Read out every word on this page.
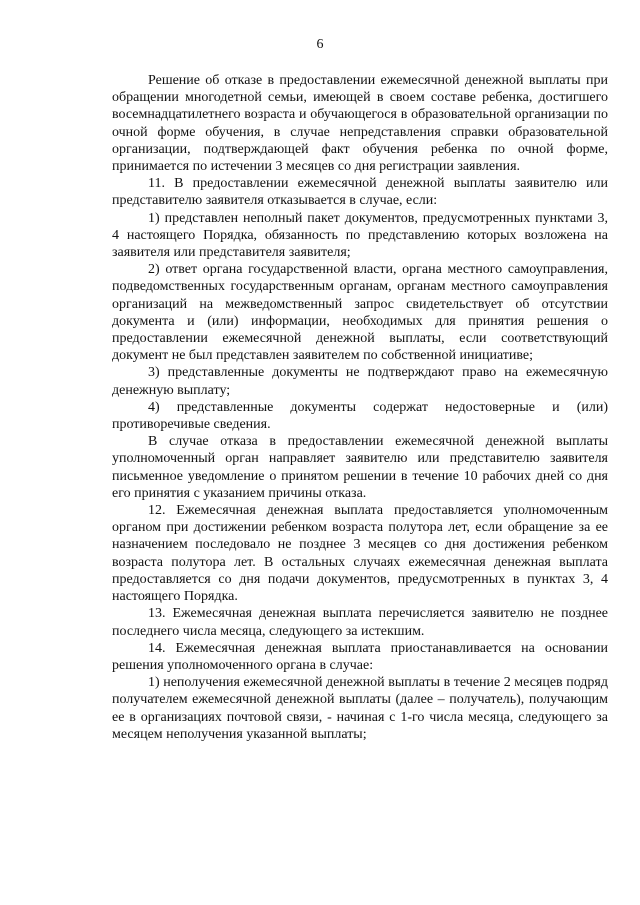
6

Решение об отказе в предоставлении ежемесячной денежной выплаты при обращении многодетной семьи, имеющей в своем составе ребенка, достигшего восемнадцатилетнего возраста и обучающегося в образовательной организации по очной форме обучения, в случае непредставления справки образовательной организации, подтверждающей факт обучения ребенка по очной форме, принимается по истечении 3 месяцев со дня регистрации заявления.

11. В предоставлении ежемесячной денежной выплаты заявителю или представителю заявителя отказывается в случае, если:

1) представлен неполный пакет документов, предусмотренных пунктами 3, 4 настоящего Порядка, обязанность по представлению которых возложена на заявителя или представителя заявителя;

2) ответ органа государственной власти, органа местного самоуправления, подведомственных государственным органам, органам местного самоуправления организаций на межведомственный запрос свидетельствует об отсутствии документа и (или) информации, необходимых для принятия решения о предоставлении ежемесячной денежной выплаты, если соответствующий документ не был представлен заявителем по собственной инициативе;

3) представленные документы не подтверждают право на ежемесячную денежную выплату;

4) представленные документы содержат недостоверные и (или) противоречивые сведения.

В случае отказа в предоставлении ежемесячной денежной выплаты уполномоченный орган направляет заявителю или представителю заявителя письменное уведомление о принятом решении в течение 10 рабочих дней со дня его принятия с указанием причины отказа.

12. Ежемесячная денежная выплата предоставляется уполномоченным органом при достижении ребенком возраста полутора лет, если обращение за ее назначением последовало не позднее 3 месяцев со дня достижения ребенком возраста полутора лет. В остальных случаях ежемесячная денежная выплата предоставляется со дня подачи документов, предусмотренных в пунктах 3, 4 настоящего Порядка.

13. Ежемесячная денежная выплата перечисляется заявителю не позднее последнего числа месяца, следующего за истекшим.

14. Ежемесячная денежная выплата приостанавливается на основании решения уполномоченного органа в случае:

1) неполучения ежемесячной денежной выплаты в течение 2 месяцев подряд получателем ежемесячной денежной выплаты (далее – получатель), получающим ее в организациях почтовой связи, - начиная с 1-го числа месяца, следующего за месяцем неполучения указанной выплаты;
